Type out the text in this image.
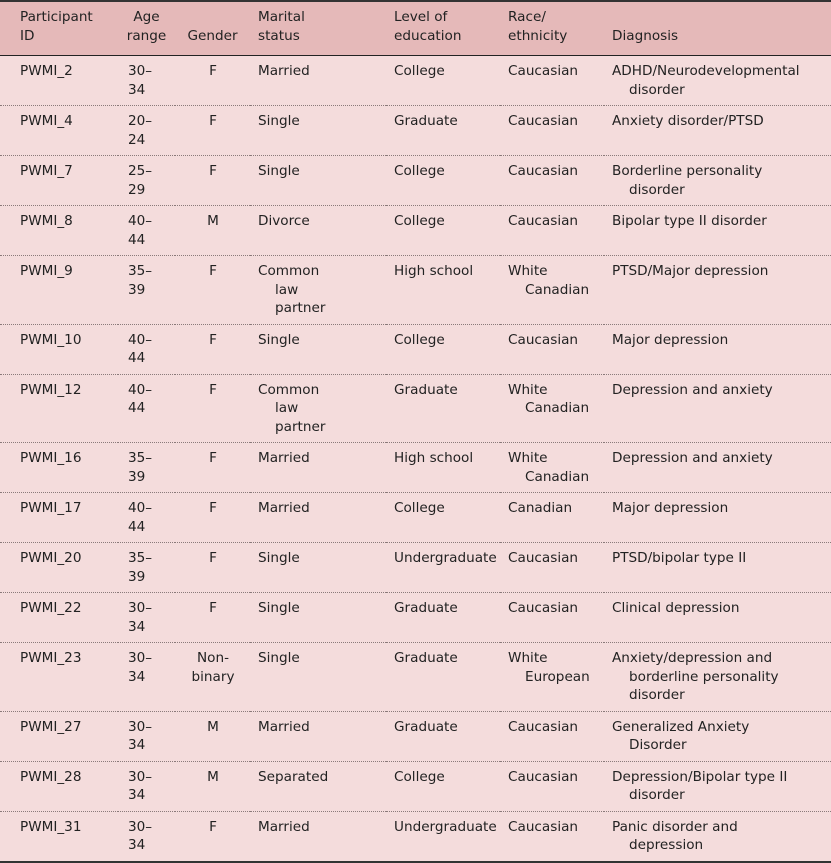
Participant ID	Age range	Gender	Marital status	Level of education	Race/ ethnicity	Diagnosis
PWMI_2	30–34	F	Married	College	Caucasian	ADHD/Neurodevelopmental disorder
PWMI_4	20–24	F	Single	Graduate	Caucasian	Anxiety disorder/PTSD
PWMI_7	25–29	F	Single	College	Caucasian	Borderline personality disorder
PWMI_8	40–44	M	Divorce	College	Caucasian	Bipolar type II disorder
PWMI_9	35–39	F	Common law partner	High school	White Canadian	PTSD/Major depression
PWMI_10	40–44	F	Single	College	Caucasian	Major depression
PWMI_12	40–44	F	Common law partner	Graduate	White Canadian	Depression and anxiety
PWMI_16	35–39	F	Married	High school	White Canadian	Depression and anxiety
PWMI_17	40–44	F	Married	College	Canadian	Major depression
PWMI_20	35–39	F	Single	Undergraduate	Caucasian	PTSD/bipolar type II
PWMI_22	30–34	F	Single	Graduate	Caucasian	Clinical depression
PWMI_23	30–34	Non-binary	Single	Graduate	White European	Anxiety/depression and borderline personality disorder
PWMI_27	30–34	M	Married	Graduate	Caucasian	Generalized Anxiety Disorder
PWMI_28	30–34	M	Separated	College	Caucasian	Depression/Bipolar type II disorder
PWMI_31	30–34	F	Married	Undergraduate	Caucasian	Panic disorder and depression
